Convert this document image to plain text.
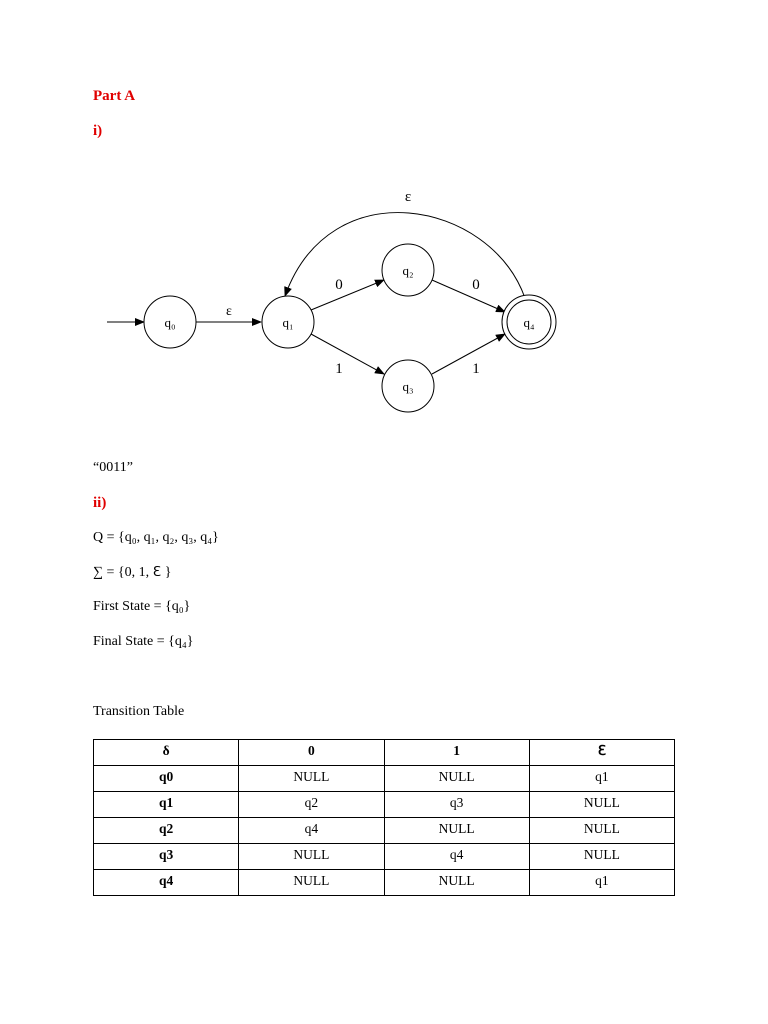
Part A
i)
q₀	q₁
q₂
q₃
q₄
ε
0	0
1	1
ε
“0011”
ii)
Q = {q₀, q₁, q₂, q₃, q₄}
∑ = {0, 1, ℇ }
First State = {q₀}
Final State = {q₄}
Transition Table
δ	0	1	ℇ
q0	NULL	NULL	q1
q1	q2	q3	NULL
q2	q4	NULL	NULL
q3	NULL	q4	NULL
q4	NULL	NULL	q1
